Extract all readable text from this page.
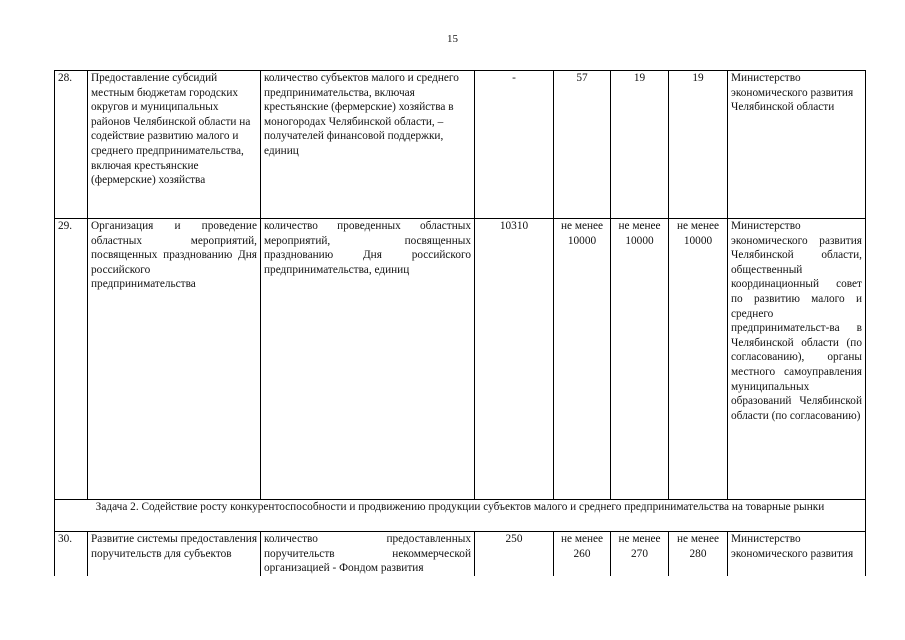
15
28.	Предоставление субсидий местным бюджетам городских округов и муниципальных районов Челябинской области на содействие развитию малого и среднего предпринимательства, включая крестьянские (фермерские) хозяйства	количество субъектов малого и среднего предпринимательства, включая крестьянские (фермерские) хозяйства в моногородах Челябинской области, – получателей финансовой поддержки, единиц	-	57	19	19	Министерство экономического развития Челябинской области
29.	Организация и проведение областных мероприятий, посвященных празднованию Дня российского предпринимательства	количество проведенных областных мероприятий, посвященных празднованию Дня российского предпринимательства, единиц	10310	не менее 10000	не менее 10000	не менее 10000	Министерство экономического развития Челябинской области, общественный координационный совет по развитию малого и среднего предпринимательст-ва в Челябинской области (по согласованию), органы местного самоуправления муниципальных образований Челябинской области (по согласованию)
Задача 2. Содействие росту конкурентоспособности и продвижению продукции субъектов малого и среднего предпринимательства на товарные рынки							
30.	Развитие системы предоставления поручительств для субъектов	количество предоставленных поручительств некоммерческой организацией - Фондом развития	250	не менее 260	не менее 270	не менее 280	Министерство экономического развития
